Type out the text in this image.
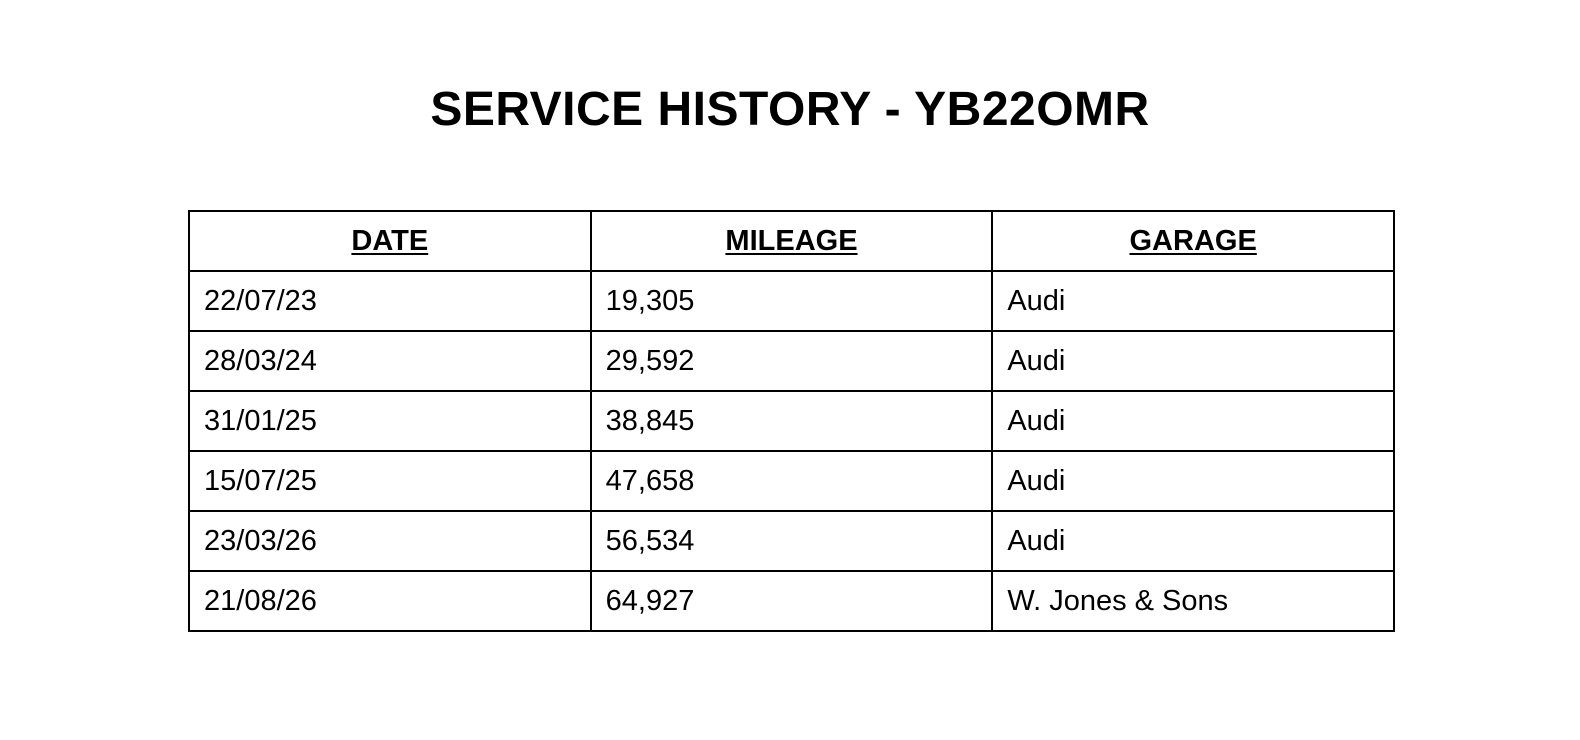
SERVICE HISTORY - YB22OMR
DATE	MILEAGE	GARAGE
22/07/23	19,305	Audi
28/03/24	29,592	Audi
31/01/25	38,845	Audi
15/07/25	47,658	Audi
23/03/26	56,534	Audi
21/08/26	64,927	W. Jones & Sons
